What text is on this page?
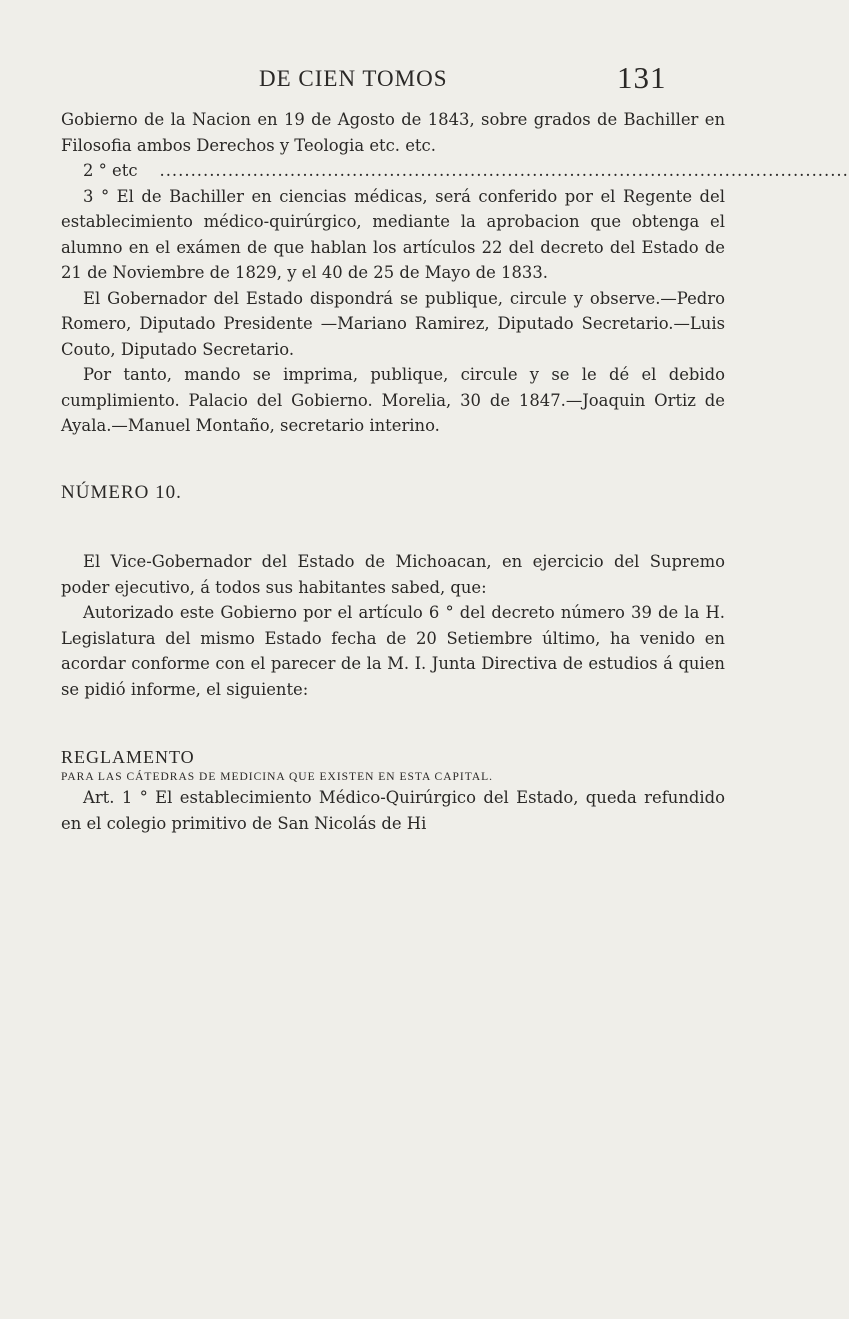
DE CIEN TOMOS	131

Gobierno de la Nacion en 19 de Agosto de 1843, sobre grados de Bachiller en Filosofia ambos Derechos y Teologia etc. etc.

2 ° etc	...............................................................................................................

3 ° El de Bachiller en ciencias médicas, será conferido por el Regente del establecimiento médico-quirúrgico, mediante la aprobacion que obtenga el alumno en el exámen de que hablan los artículos 22 del decreto del Estado de 21 de Noviembre de 1829, y el 40 de 25 de Mayo de 1833.

El Gobernador del Estado dispondrá se publique, circule y observe.—Pedro Romero, Diputado Presidente —Mariano Ramirez, Diputado Secretario.—Luis Couto, Diputado Secretario.

Por tanto, mando se imprima, publique, circule y se le dé el debido cumplimiento. Palacio del Gobierno. Morelia, 30 de 1847.—Joaquin Ortiz de Ayala.—Manuel Montaño, secretario interino.

NÚMERO 10.

El Vice-Gobernador del Estado de Michoacan, en ejercicio del Supremo poder ejecutivo, á todos sus habitantes sabed, que:

Autorizado este Gobierno por el artículo 6 ° del decreto número 39 de la H. Legislatura del mismo Estado fecha de 20 Setiembre último, ha venido en acordar conforme con el parecer de la M. I. Junta Directiva de estudios á quien se pidió informe, el siguiente:

REGLAMENTO

PARA LAS CÁTEDRAS DE MEDICINA QUE EXISTEN EN ESTA CAPITAL.

Art. 1 ° El establecimiento Médico-Quirúrgico del Estado, queda refundido en el colegio primitivo de San Nicolás de Hi
